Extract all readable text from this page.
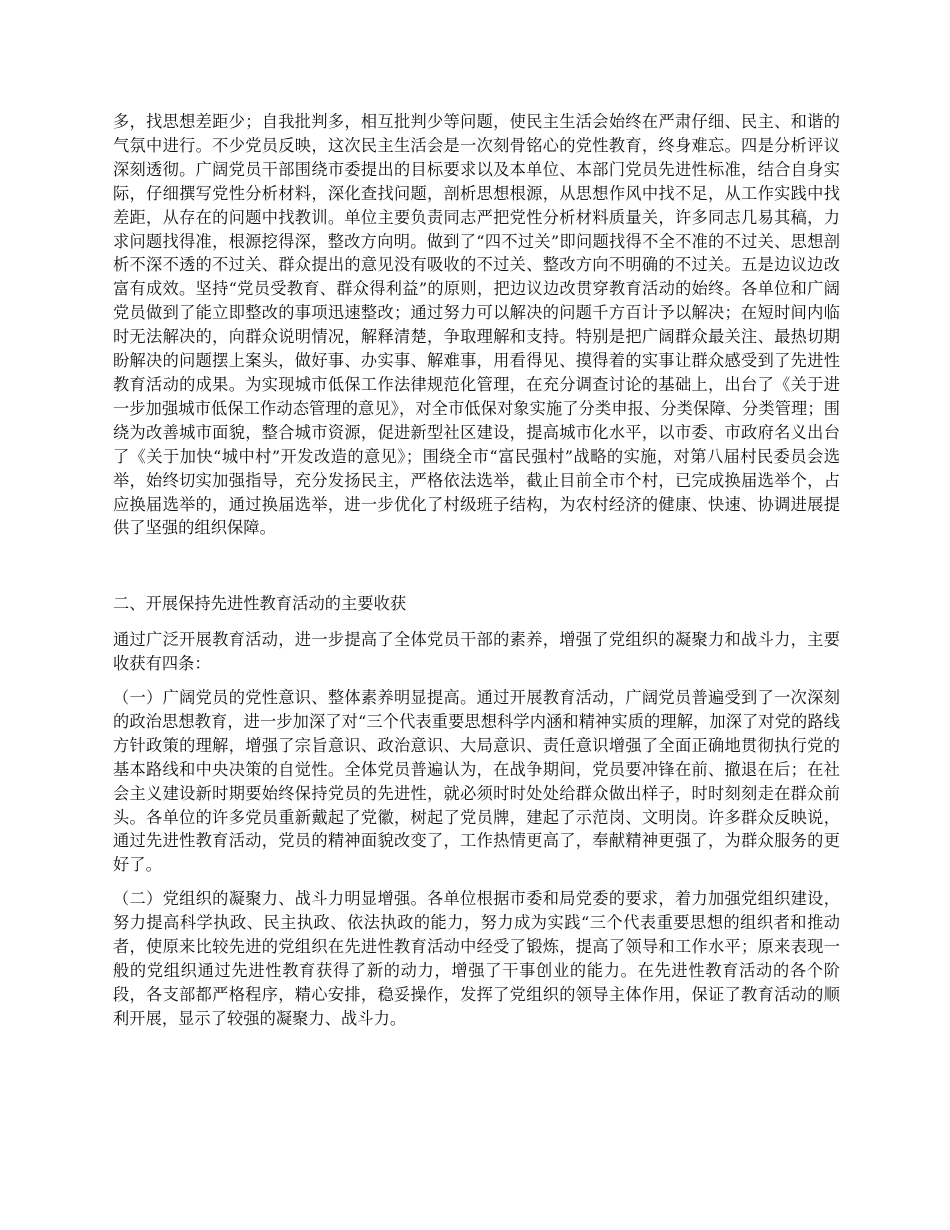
多，找思想差距少；自我批判多，相互批判少等问题，使民主生活会始终在严肃仔细、民主、和谐的气氛中进行。不少党员反映，这次民主生活会是一次刻骨铭心的党性教育，终身难忘。四是分析评议深刻透彻。广阔党员干部围绕市委提出的目标要求以及本单位、本部门党员先进性标准，结合自身实际，仔细撰写党性分析材料，深化查找问题，剖析思想根源，从思想作风中找不足，从工作实践中找差距，从存在的问题中找教训。单位主要负责同志严把党性分析材料质量关，许多同志几易其稿，力求问题找得准，根源挖得深，整改方向明。做到了“四不过关”即问题找得不全不准的不过关、思想剖析不深不透的不过关、群众提出的意见没有吸收的不过关、整改方向不明确的不过关。五是边议边改富有成效。坚持“党员受教育、群众得利益”的原则，把边议边改贯穿教育活动的始终。各单位和广阔党员做到了能立即整改的事项迅速整改；通过努力可以解决的问题千方百计予以解决；在短时间内临时无法解决的，向群众说明情况，解释清楚，争取理解和支持。特别是把广阔群众最关注、最热切期盼解决的问题摆上案头，做好事、办实事、解难事，用看得见、摸得着的实事让群众感受到了先进性教育活动的成果。为实现城市低保工作法律规范化管理，在充分调查讨论的基础上，出台了《关于进一步加强城市低保工作动态管理的意见》，对全市低保对象实施了分类申报、分类保障、分类管理；围绕为改善城市面貌，整合城市资源，促进新型社区建设，提高城市化水平，以市委、市政府名义出台了《关于加快“城中村”开发改造的意见》；围绕全市“富民强村”战略的实施，对第八届村民委员会选举，始终切实加强指导，充分发扬民主，严格依法选举，截止目前全市个村，已完成换届选举个，占应换届选举的，通过换届选举，进一步优化了村级班子结构，为农村经济的健康、快速、协调进展提供了坚强的组织保障。

二、开展保持先进性教育活动的主要收获

通过广泛开展教育活动，进一步提高了全体党员干部的素养，增强了党组织的凝聚力和战斗力，主要收获有四条：

（一）广阔党员的党性意识、整体素养明显提高。通过开展教育活动，广阔党员普遍受到了一次深刻的政治思想教育，进一步加深了对“三个代表重要思想科学内涵和精神实质的理解，加深了对党的路线方针政策的理解，增强了宗旨意识、政治意识、大局意识、责任意识增强了全面正确地贯彻执行党的基本路线和中央决策的自觉性。全体党员普遍认为，在战争期间，党员要冲锋在前、撤退在后；在社会主义建设新时期要始终保持党员的先进性，就必须时时处处给群众做出样子，时时刻刻走在群众前头。各单位的许多党员重新戴起了党徽，树起了党员牌，建起了示范岗、文明岗。许多群众反映说，通过先进性教育活动，党员的精神面貌改变了，工作热情更高了，奉献精神更强了，为群众服务的更好了。

（二）党组织的凝聚力、战斗力明显增强。各单位根据市委和局党委的要求，着力加强党组织建设，努力提高科学执政、民主执政、依法执政的能力，努力成为实践“三个代表重要思想的组织者和推动者，使原来比较先进的党组织在先进性教育活动中经受了锻炼，提高了领导和工作水平；原来表现一般的党组织通过先进性教育获得了新的动力，增强了干事创业的能力。在先进性教育活动的各个阶段，各支部都严格程序，精心安排，稳妥操作，发挥了党组织的领导主体作用，保证了教育活动的顺利开展，显示了较强的凝聚力、战斗力。
